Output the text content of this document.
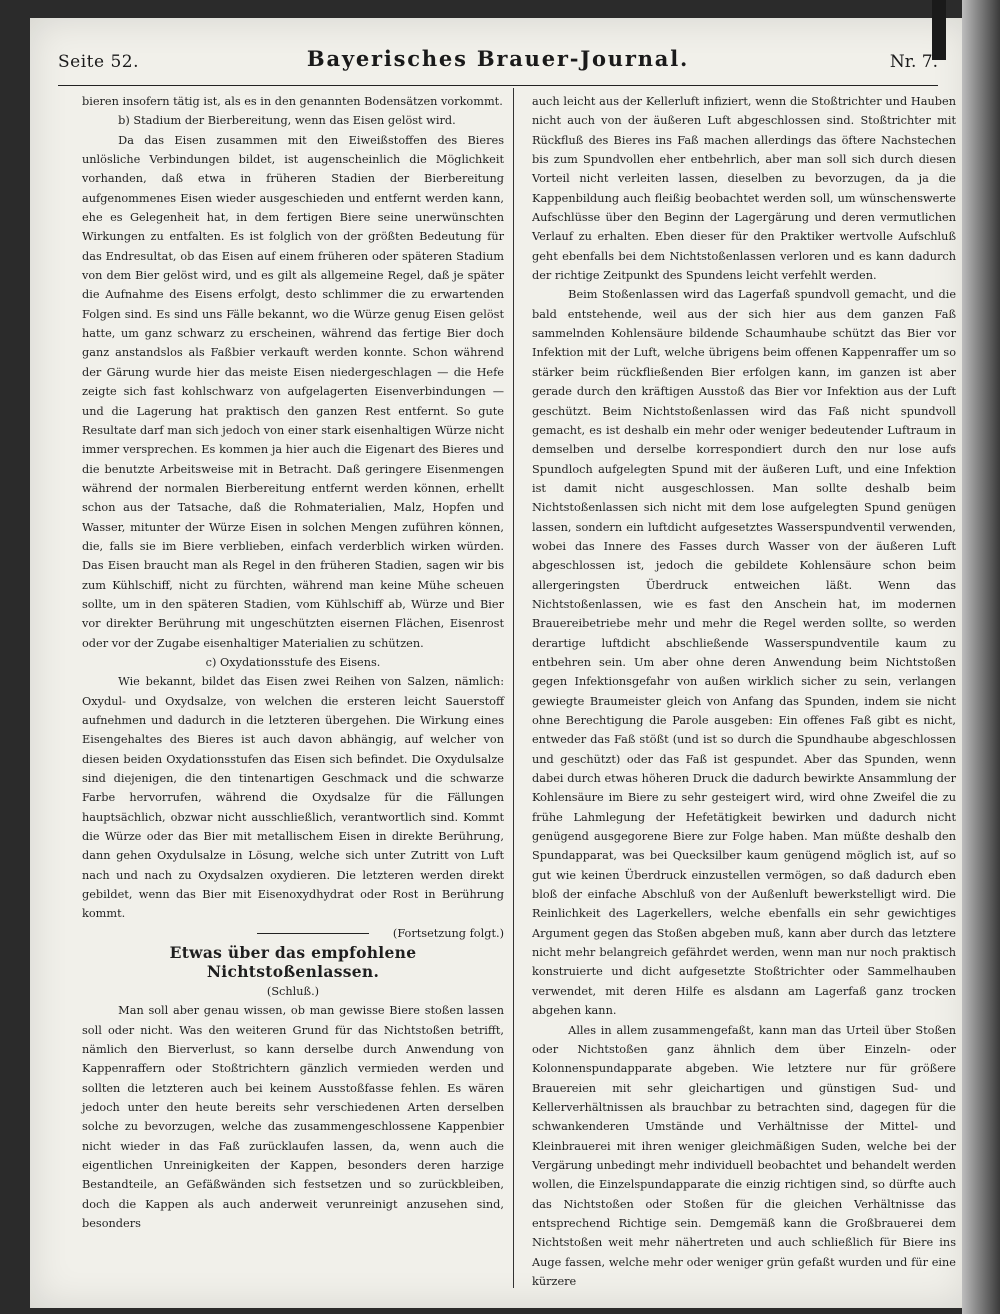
Seite 52.	Bayerisches Brauer-Journal.	Nr. 7.

bieren insofern tätig ist, als es in den genannten Bodensätzen vorkommt.

b) Stadium der Bierbereitung, wenn das Eisen gelöst wird.

Da das Eisen zusammen mit den Eiweißstoffen des Bieres unlösliche Verbindungen bildet, ist augenscheinlich die Möglichkeit vorhanden, daß etwa in früheren Stadien der Bierbereitung aufgenommenes Eisen wieder ausgeschieden und entfernt werden kann, ehe es Gelegenheit hat, in dem fertigen Biere seine unerwünschten Wirkungen zu entfalten. Es ist folglich von der größten Bedeutung für das Endresultat, ob das Eisen auf einem früheren oder späteren Stadium von dem Bier gelöst wird, und es gilt als allgemeine Regel, daß je später die Aufnahme des Eisens erfolgt, desto schlimmer die zu erwartenden Folgen sind. Es sind uns Fälle bekannt, wo die Würze genug Eisen gelöst hatte, um ganz schwarz zu erscheinen, während das fertige Bier doch ganz anstandslos als Faßbier verkauft werden konnte. Schon während der Gärung wurde hier das meiste Eisen niedergeschlagen — die Hefe zeigte sich fast kohlschwarz von aufgelagerten Eisenverbindungen — und die Lagerung hat praktisch den ganzen Rest entfernt. So gute Resultate darf man sich jedoch von einer stark eisenhaltigen Würze nicht immer versprechen. Es kommen ja hier auch die Eigenart des Bieres und die benutzte Arbeitsweise mit in Betracht. Daß geringere Eisenmengen während der normalen Bierbereitung entfernt werden können, erhellt schon aus der Tatsache, daß die Rohmaterialien, Malz, Hopfen und Wasser, mitunter der Würze Eisen in solchen Mengen zuführen können, die, falls sie im Biere verblieben, einfach verderblich wirken würden. Das Eisen braucht man als Regel in den früheren Stadien, sagen wir bis zum Kühlschiff, nicht zu fürchten, während man keine Mühe scheuen sollte, um in den späteren Stadien, vom Kühlschiff ab, Würze und Bier vor direkter Berührung mit ungeschützten eisernen Flächen, Eisenrost oder vor der Zugabe eisenhaltiger Materialien zu schützen.

c) Oxydationsstufe des Eisens.

Wie bekannt, bildet das Eisen zwei Reihen von Salzen, nämlich: Oxydul- und Oxydsalze, von welchen die ersteren leicht Sauerstoff aufnehmen und dadurch in die letzteren übergehen. Die Wirkung eines Eisengehaltes des Bieres ist auch davon abhängig, auf welcher von diesen beiden Oxydationsstufen das Eisen sich befindet. Die Oxydulsalze sind diejenigen, die den tintenartigen Geschmack und die schwarze Farbe hervorrufen, während die Oxydsalze für die Fällungen hauptsächlich, obzwar nicht ausschließlich, verantwortlich sind. Kommt die Würze oder das Bier mit metallischem Eisen in direkte Berührung, dann gehen Oxydulsalze in Lösung, welche sich unter Zutritt von Luft nach und nach zu Oxydsalzen oxydieren. Die letzteren werden direkt gebildet, wenn das Bier mit Eisenoxydhydrat oder Rost in Berührung kommt.

(Fortsetzung folgt.)

Etwas über das empfohlene Nichtstoßenlassen.

(Schluß.)

Man soll aber genau wissen, ob man gewisse Biere stoßen lassen soll oder nicht. Was den weiteren Grund für das Nichtstoßen betrifft, nämlich den Bierverlust, so kann derselbe durch Anwendung von Kappenraffern oder Stoßtrichtern gänzlich vermieden werden und sollten die letzteren auch bei keinem Ausstoßfasse fehlen. Es wären jedoch unter den heute bereits sehr verschiedenen Arten derselben solche zu bevorzugen, welche das zusammengeschlossene Kappenbier nicht wieder in das Faß zurücklaufen lassen, da, wenn auch die eigentlichen Unreinigkeiten der Kappen, besonders deren harzige Bestandteile, an Gefäßwänden sich festsetzen und so zurückbleiben, doch die Kappen als auch anderweit verunreinigt anzusehen sind, besonders

auch leicht aus der Kellerluft infiziert, wenn die Stoßtrichter und Hauben nicht auch von der äußeren Luft abgeschlossen sind. Stoßtrichter mit Rückfluß des Bieres ins Faß machen allerdings das öftere Nachstechen bis zum Spundvollen eher entbehrlich, aber man soll sich durch diesen Vorteil nicht verleiten lassen, dieselben zu bevorzugen, da ja die Kappenbildung auch fleißig beobachtet werden soll, um wünschenswerte Aufschlüsse über den Beginn der Lagergärung und deren vermutlichen Verlauf zu erhalten. Eben dieser für den Praktiker wertvolle Aufschluß geht ebenfalls bei dem Nichtstoßenlassen verloren und es kann dadurch der richtige Zeitpunkt des Spundens leicht verfehlt werden.

Beim Stoßenlassen wird das Lagerfaß spundvoll gemacht, und die bald entstehende, weil aus der sich hier aus dem ganzen Faß sammelnden Kohlensäure bildende Schaumhaube schützt das Bier vor Infektion mit der Luft, welche übrigens beim offenen Kappenraffer um so stärker beim rückfließenden Bier erfolgen kann, im ganzen ist aber gerade durch den kräftigen Ausstoß das Bier vor Infektion aus der Luft geschützt. Beim Nichtstoßenlassen wird das Faß nicht spundvoll gemacht, es ist deshalb ein mehr oder weniger bedeutender Luftraum in demselben und derselbe korrespondiert durch den nur lose aufs Spundloch aufgelegten Spund mit der äußeren Luft, und eine Infektion ist damit nicht ausgeschlossen. Man sollte deshalb beim Nichtstoßenlassen sich nicht mit dem lose aufgelegten Spund genügen lassen, sondern ein luftdicht aufgesetztes Wasserspundventil verwenden, wobei das Innere des Fasses durch Wasser von der äußeren Luft abgeschlossen ist, jedoch die gebildete Kohlensäure schon beim allergeringsten Überdruck entweichen läßt. Wenn das Nichtstoßenlassen, wie es fast den Anschein hat, im modernen Brauereibetriebe mehr und mehr die Regel werden sollte, so werden derartige luftdicht abschließende Wasserspundventile kaum zu entbehren sein. Um aber ohne deren Anwendung beim Nichtstoßen gegen Infektionsgefahr von außen wirklich sicher zu sein, verlangen gewiegte Braumeister gleich von Anfang das Spunden, indem sie nicht ohne Berechtigung die Parole ausgeben: Ein offenes Faß gibt es nicht, entweder das Faß stößt (und ist so durch die Spundhaube abgeschlossen und geschützt) oder das Faß ist gespundet. Aber das Spunden, wenn dabei durch etwas höheren Druck die dadurch bewirkte Ansammlung der Kohlensäure im Biere zu sehr gesteigert wird, wird ohne Zweifel die zu frühe Lahmlegung der Hefetätigkeit bewirken und dadurch nicht genügend ausgegorene Biere zur Folge haben. Man müßte deshalb den Spundapparat, was bei Quecksilber kaum genügend möglich ist, auf so gut wie keinen Überdruck einzustellen vermögen, so daß dadurch eben bloß der einfache Abschluß von der Außenluft bewerkstelligt wird. Die Reinlichkeit des Lagerkellers, welche ebenfalls ein sehr gewichtiges Argument gegen das Stoßen abgeben muß, kann aber durch das letztere nicht mehr belangreich gefährdet werden, wenn man nur noch praktisch konstruierte und dicht aufgesetzte Stoßtrichter oder Sammelhauben verwendet, mit deren Hilfe es alsdann am Lagerfaß ganz trocken abgehen kann.

Alles in allem zusammengefaßt, kann man das Urteil über Stoßen oder Nichtstoßen ganz ähnlich dem über Einzeln- oder Kolonnenspundapparate abgeben. Wie letztere nur für größere Brauereien mit sehr gleichartigen und günstigen Sud- und Kellerverhältnissen als brauchbar zu betrachten sind, dagegen für die schwankenderen Umstände und Verhältnisse der Mittel- und Kleinbrauerei mit ihren weniger gleichmäßigen Suden, welche bei der Vergärung unbedingt mehr individuell beobachtet und behandelt werden wollen, die Einzelspundapparate die einzig richtigen sind, so dürfte auch das Nichtstoßen oder Stoßen für die gleichen Verhältnisse das entsprechend Richtige sein. Demgemäß kann die Großbrauerei dem Nichtstoßen weit mehr nähertreten und auch schließlich für Biere ins Auge fassen, welche mehr oder weniger grün gefaßt wurden und für eine kürzere
